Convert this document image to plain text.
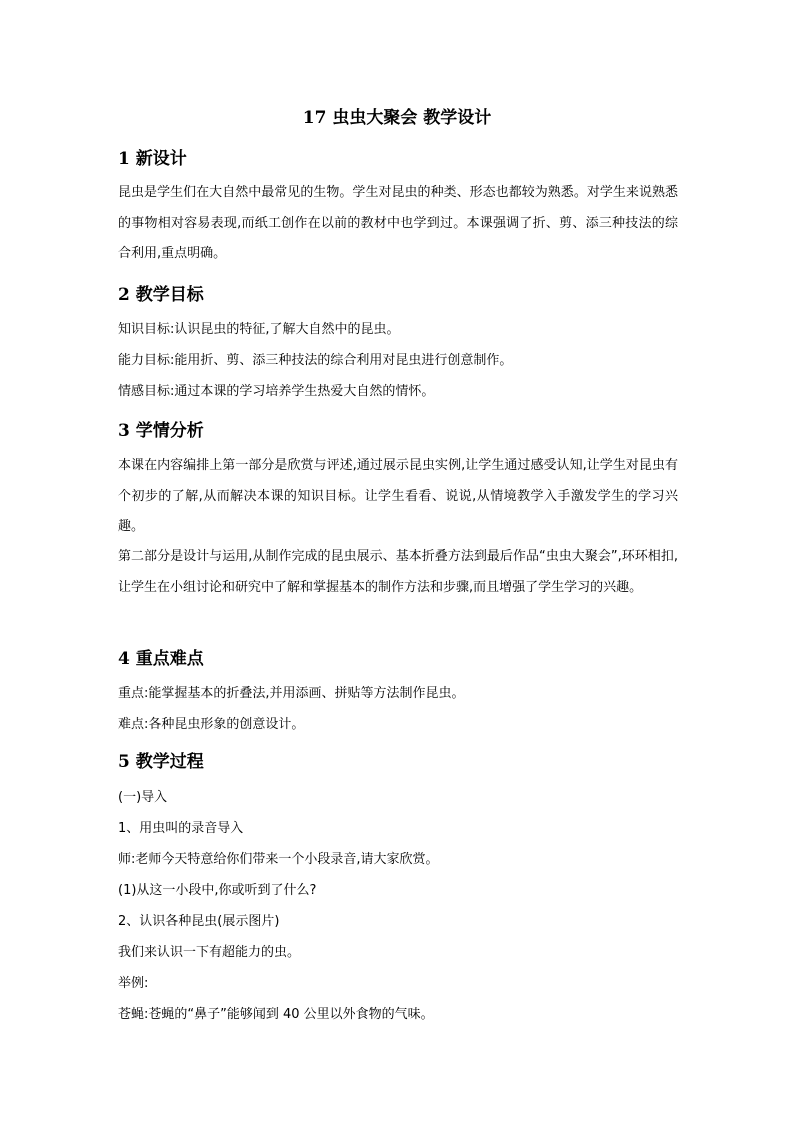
17 虫虫大聚会 教学设计
1 新设计
昆虫是学生们在大自然中最常见的生物。学生对昆虫的种类、形态也都较为熟悉。对学生来说熟悉的事物相对容易表现,而纸工创作在以前的教材中也学到过。本课强调了折、剪、添三种技法的综合利用,重点明确。
2 教学目标
知识目标:认识昆虫的特征,了解大自然中的昆虫。
能力目标:能用折、剪、添三种技法的综合利用对昆虫进行创意制作。
情感目标:通过本课的学习培养学生热爱大自然的情怀。
3 学情分析
本课在内容编排上第一部分是欣赏与评述,通过展示昆虫实例,让学生通过感受认知,让学生对昆虫有个初步的了解,从而解决本课的知识目标。让学生看看、说说,从情境教学入手激发学生的学习兴趣。
第二部分是设计与运用,从制作完成的昆虫展示、基本折叠方法到最后作品“虫虫大聚会”,环环相扣,让学生在小组讨论和研究中了解和掌握基本的制作方法和步骤,而且增强了学生学习的兴趣。
4 重点难点
重点:能掌握基本的折叠法,并用添画、拼贴等方法制作昆虫。
难点:各种昆虫形象的创意设计。
5 教学过程
(一)导入
1、用虫叫的录音导入
师:老师今天特意给你们带来一个小段录音,请大家欣赏。
(1)从这一小段中,你或听到了什么?
2、认识各种昆虫(展示图片)
我们来认识一下有超能力的虫。
举例:
苍蝇:苍蝇的“鼻子”能够闻到 40 公里以外食物的气味。
